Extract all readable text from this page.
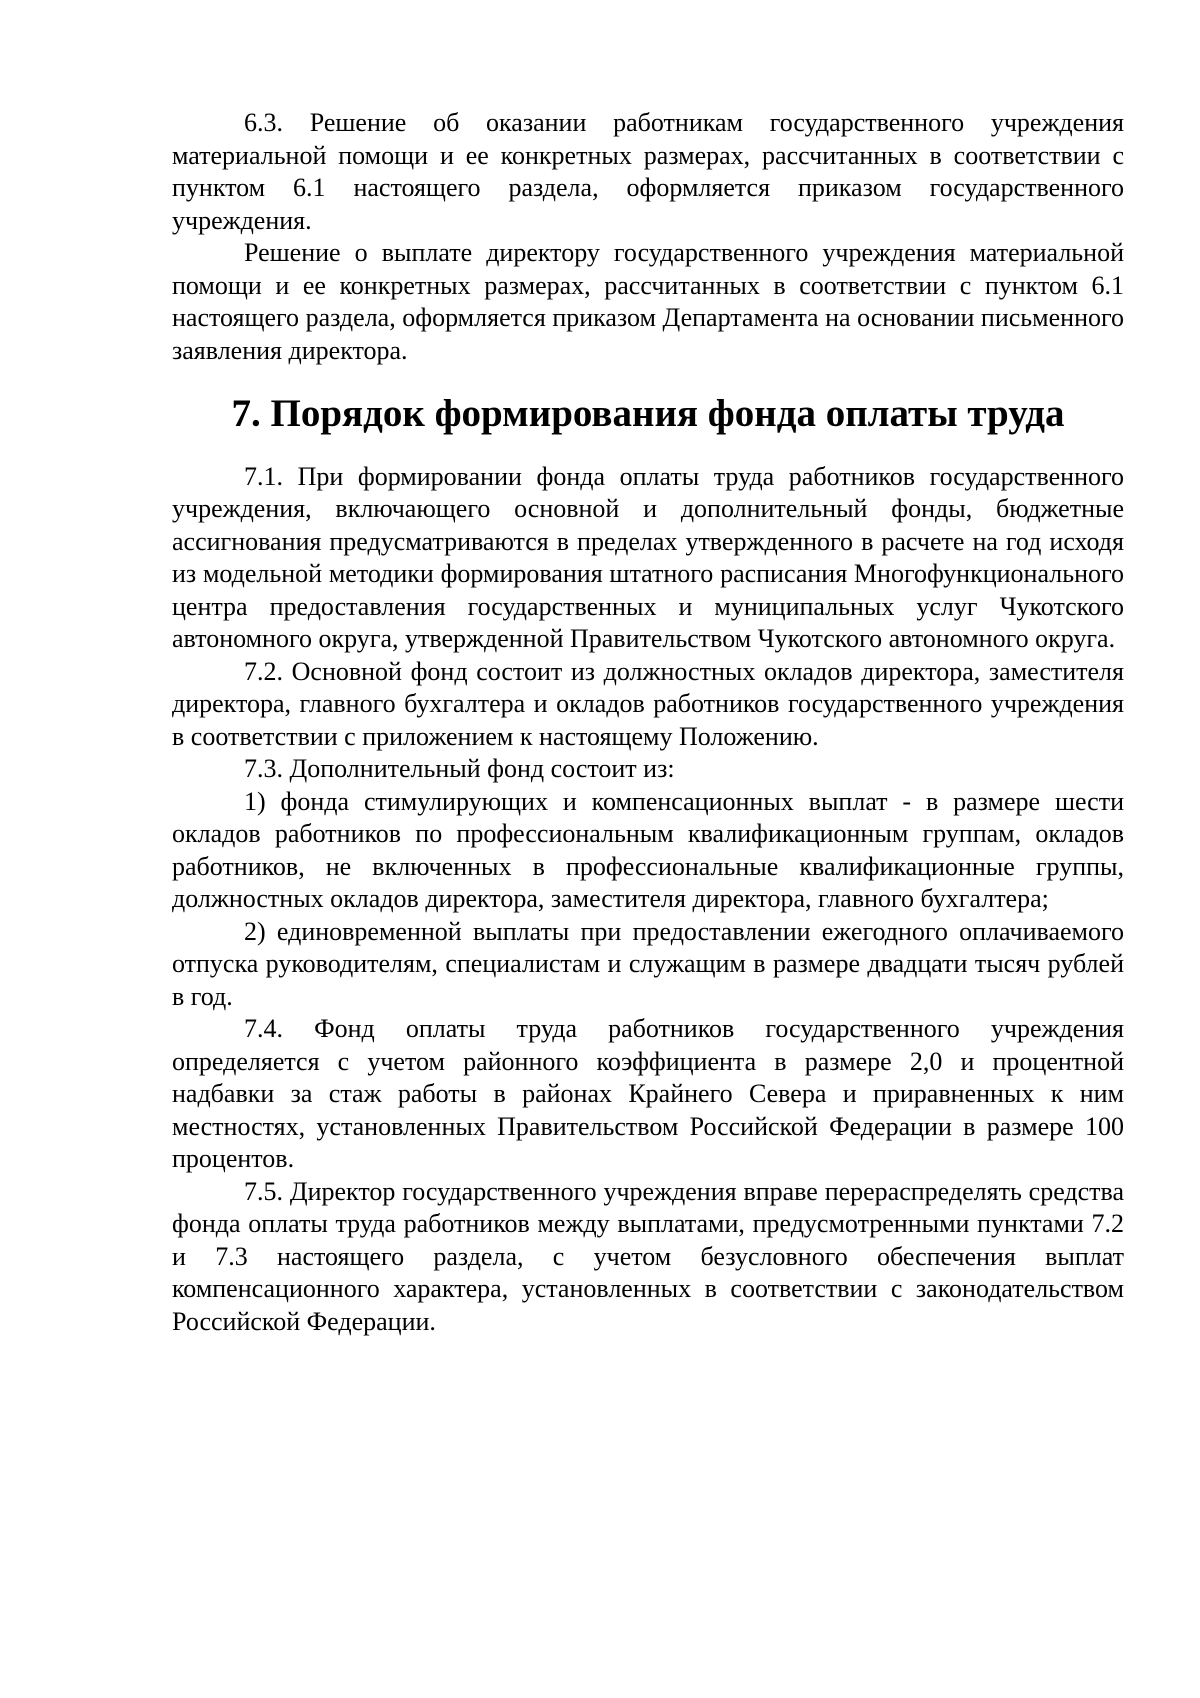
6.3. Решение об оказании работникам государственного учреждения материальной помощи и ее конкретных размерах, рассчитанных в соответствии с пунктом 6.1 настоящего раздела, оформляется приказом государственного учреждения.

Решение о выплате директору государственного учреждения материальной помощи и ее конкретных размерах, рассчитанных в соответствии с пунктом 6.1 настоящего раздела, оформляется приказом Департамента на основании письменного заявления директора.

7. Порядок формирования фонда оплаты труда

7.1. При формировании фонда оплаты труда работников государственного учреждения, включающего основной и дополнительный фонды, бюджетные ассигнования предусматриваются в пределах утвержденного в расчете на год исходя из модельной методики формирования штатного расписания Многофункционального центра предоставления государственных и муниципальных услуг Чукотского автономного округа, утвержденной Правительством Чукотского автономного округа.

7.2. Основной фонд состоит из должностных окладов директора, заместителя директора, главного бухгалтера и окладов работников государственного учреждения в соответствии с приложением к настоящему Положению.

7.3. Дополнительный фонд состоит из:

1) фонда стимулирующих и компенсационных выплат - в размере шести окладов работников по профессиональным квалификационным группам, окладов работников, не включенных в профессиональные квалификационные группы, должностных окладов директора, заместителя директора, главного бухгалтера;

2) единовременной выплаты при предоставлении ежегодного оплачиваемого отпуска руководителям, специалистам и служащим в размере двадцати тысяч рублей в год.

7.4. Фонд оплаты труда работников государственного учреждения определяется с учетом районного коэффициента в размере 2,0 и процентной надбавки за стаж работы в районах Крайнего Севера и приравненных к ним местностях, установленных Правительством Российской Федерации в размере 100 процентов.

7.5. Директор государственного учреждения вправе перераспределять средства фонда оплаты труда работников между выплатами, предусмотренными пунктами 7.2 и 7.3 настоящего раздела, с учетом безусловного обеспечения выплат компенсационного характера, установленных в соответствии с законодательством Российской Федерации.
